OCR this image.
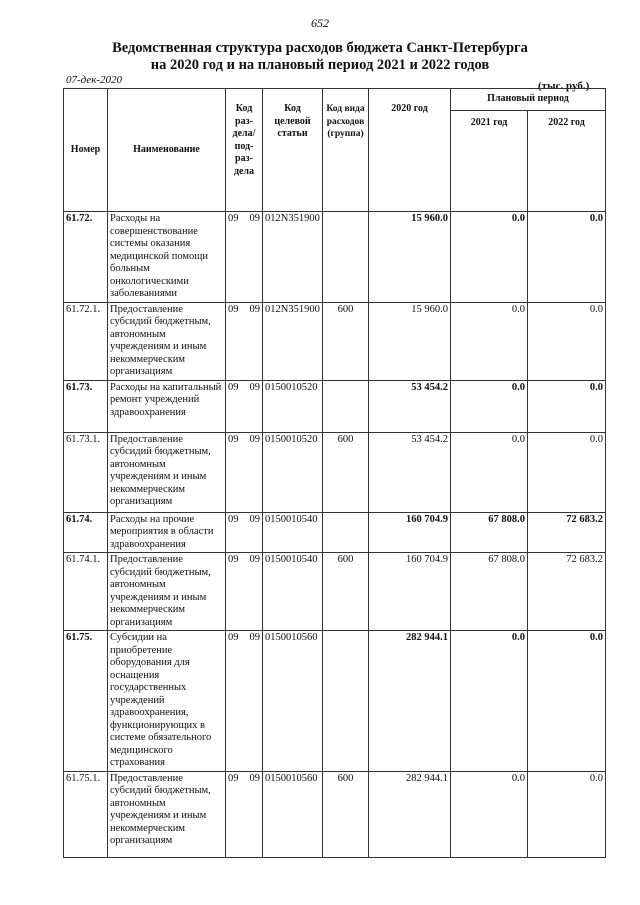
652
Ведомственная структура расходов бюджета Санкт-Петербурга
на 2020 год и на плановый период 2021 и 2022 годов
07-дек-2020	(тыс. руб.)
Номер	Наименование	Код раз- дела/ под- раз- дела	Код целевой статьи	Код вида расходов (группа)	2020 год	Плановый период	
						2021 год	2022 год
61.72.	Расходы на совершенствование системы оказания медицинской помощи больным онкологическими заболеваниями	09 09	012N351900		15 960.0	0.0	0.0
61.72.1.	Предоставление субсидий бюджетным, автономным учреждениям и иным некоммерческим организациям	09 09	012N351900	600	15 960.0	0.0	0.0
61.73.	Расходы на капитальный ремонт учреждений здравоохранения	09 09	0150010520		53 454.2	0.0	0.0
61.73.1.	Предоставление субсидий бюджетным, автономным учреждениям и иным некоммерческим организациям	09 09	0150010520	600	53 454.2	0.0	0.0
61.74.	Расходы на прочие мероприятия в области здравоохранения	09 09	0150010540		160 704.9	67 808.0	72 683.2
61.74.1.	Предоставление субсидий бюджетным, автономным учреждениям и иным некоммерческим организациям	09 09	0150010540	600	160 704.9	67 808.0	72 683.2
61.75.	Субсидии на приобретение оборудования для оснащения государственных учреждений здравоохранения, функционирующих в системе обязательного медицинского страхования	09 09	0150010560		282 944.1	0.0	0.0
61.75.1.	Предоставление субсидий бюджетным, автономным учреждениям и иным некоммерческим организациям	09 09	0150010560	600	282 944.1	0.0	0.0
